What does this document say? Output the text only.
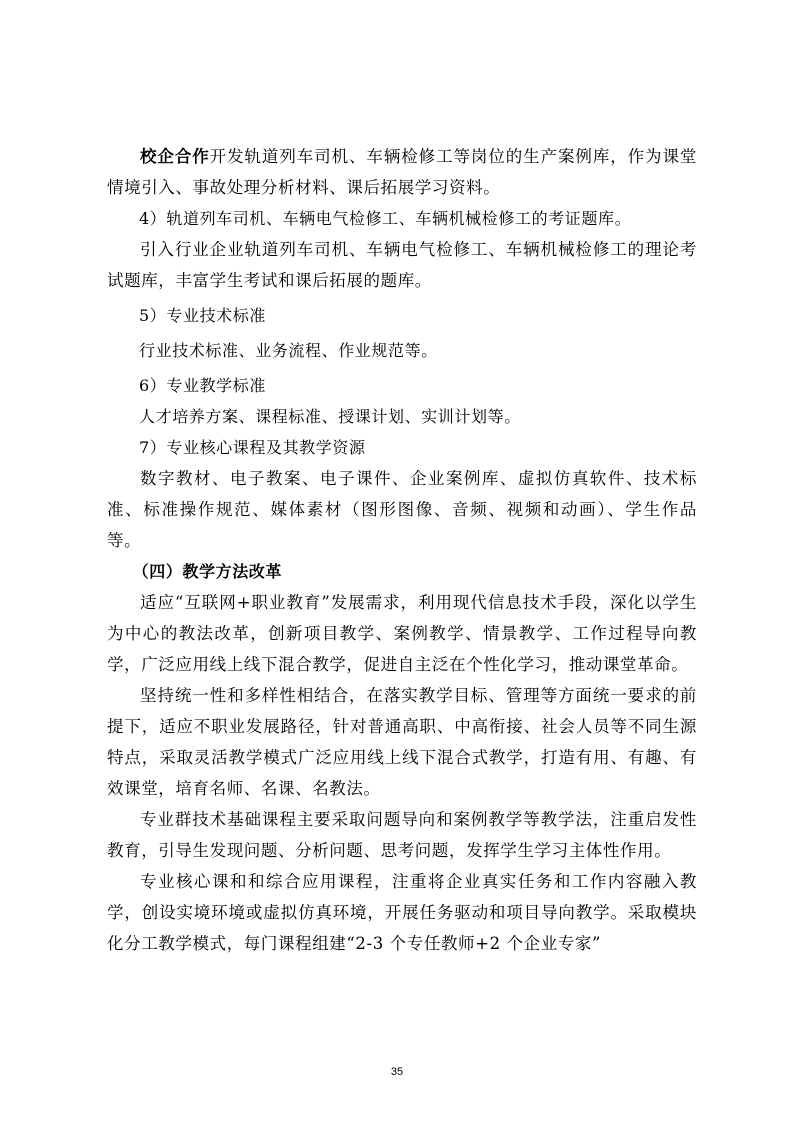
校企合作开发轨道列车司机、车辆检修工等岗位的生产案例库，作为课堂情境引入、事故处理分析材料、课后拓展学习资料。

4）轨道列车司机、车辆电气检修工、车辆机械检修工的考证题库。

引入行业企业轨道列车司机、车辆电气检修工、车辆机械检修工的理论考试题库，丰富学生考试和课后拓展的题库。

5）专业技术标准

行业技术标准、业务流程、作业规范等。

6）专业教学标准

人才培养方案、课程标准、授课计划、实训计划等。

7）专业核心课程及其教学资源

数字教材、电子教案、电子课件、企业案例库、虚拟仿真软件、技术标准、标准操作规范、媒体素材（图形图像、音频、视频和动画）、学生作品等。

（四）教学方法改革

适应“互联网+职业教育”发展需求，利用现代信息技术手段，深化以学生为中心的教法改革，创新项目教学、案例教学、情景教学、工作过程导向教学，广泛应用线上线下混合教学，促进自主泛在个性化学习，推动课堂革命。

坚持统一性和多样性相结合，在落实教学目标、管理等方面统一要求的前提下，适应不职业发展路径，针对普通高职、中高衔接、社会人员等不同生源特点，采取灵活教学模式广泛应用线上线下混合式教学，打造有用、有趣、有效课堂，培育名师、名课、名教法。

专业群技术基础课程主要采取问题导向和案例教学等教学法，注重启发性教育，引导生发现问题、分析问题、思考问题，发挥学生学习主体性作用。

专业核心课和和综合应用课程，注重将企业真实任务和工作内容融入教学，创设实境环境或虚拟仿真环境，开展任务驱动和项目导向教学。采取模块化分工教学模式，每门课程组建“2-3 个专任教师+2 个企业专家”

35
